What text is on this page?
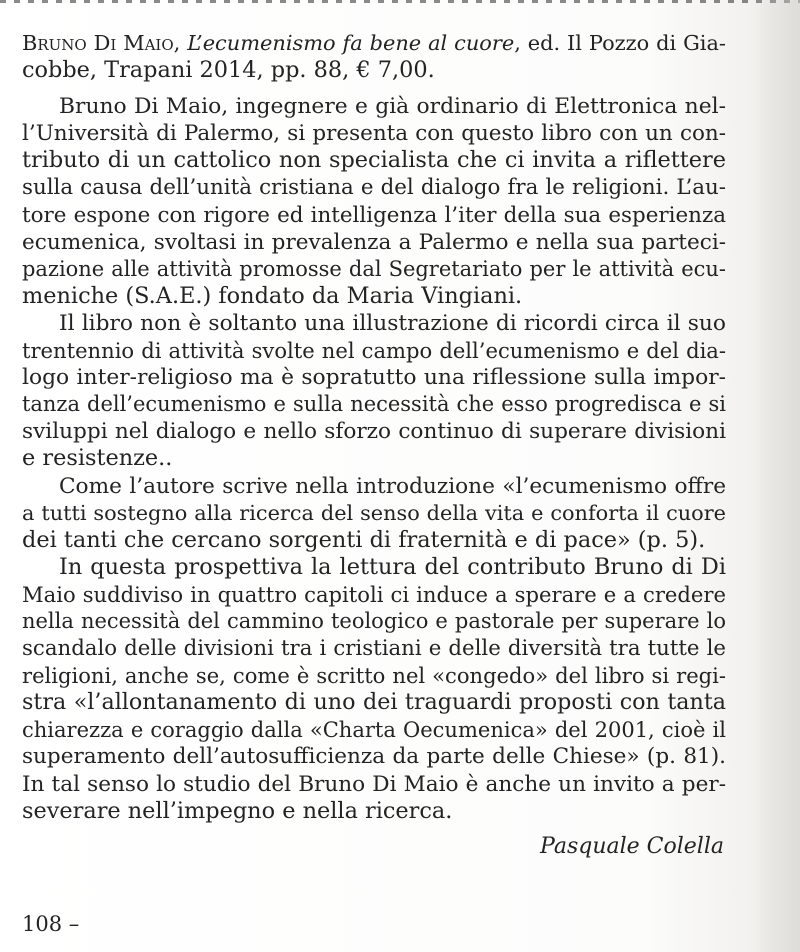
Bruno Di Maio, L’ecumenismo fa bene al cuore, ed. Il Pozzo di Gia-
cobbe, Trapani 2014, pp. 88, € 7,00.
Bruno Di Maio, ingegnere e già ordinario di Elettronica nel-
l’Università di Palermo, si presenta con questo libro con un con-
tributo di un cattolico non specialista che ci invita a riflettere
sulla causa dell’unità cristiana e del dialogo fra le religioni. L’au-
tore espone con rigore ed intelligenza l’iter della sua esperienza
ecumenica, svoltasi in prevalenza a Palermo e nella sua parteci-
pazione alle attività promosse dal Segretariato per le attività ecu-
meniche (S.A.E.) fondato da Maria Vingiani.
Il libro non è soltanto una illustrazione di ricordi circa il suo
trentennio di attività svolte nel campo dell’ecumenismo e del dia-
logo inter-religioso ma è sopratutto una riflessione sulla impor-
tanza dell’ecumenismo e sulla necessità che esso progredisca e si
sviluppi nel dialogo e nello sforzo continuo di superare divisioni
e resistenze..
Come l’autore scrive nella introduzione «l’ecumenismo offre
a tutti sostegno alla ricerca del senso della vita e conforta il cuore
dei tanti che cercano sorgenti di fraternità e di pace» (p. 5).
In questa prospettiva la lettura del contributo Bruno di Di
Maio suddiviso in quattro capitoli ci induce a sperare e a credere
nella necessità del cammino teologico e pastorale per superare lo
scandalo delle divisioni tra i cristiani e delle diversità tra tutte le
religioni, anche se, come è scritto nel «congedo» del libro si regi-
stra «l’allontanamento di uno dei traguardi proposti con tanta
chiarezza e coraggio dalla «Charta Oecumenica» del 2001, cioè il
superamento dell’autosufficienza da parte delle Chiese» (p. 81).
In tal senso lo studio del Bruno Di Maio è anche un invito a per-
severare nell’impegno e nella ricerca.
Pasquale Colella
108 –
